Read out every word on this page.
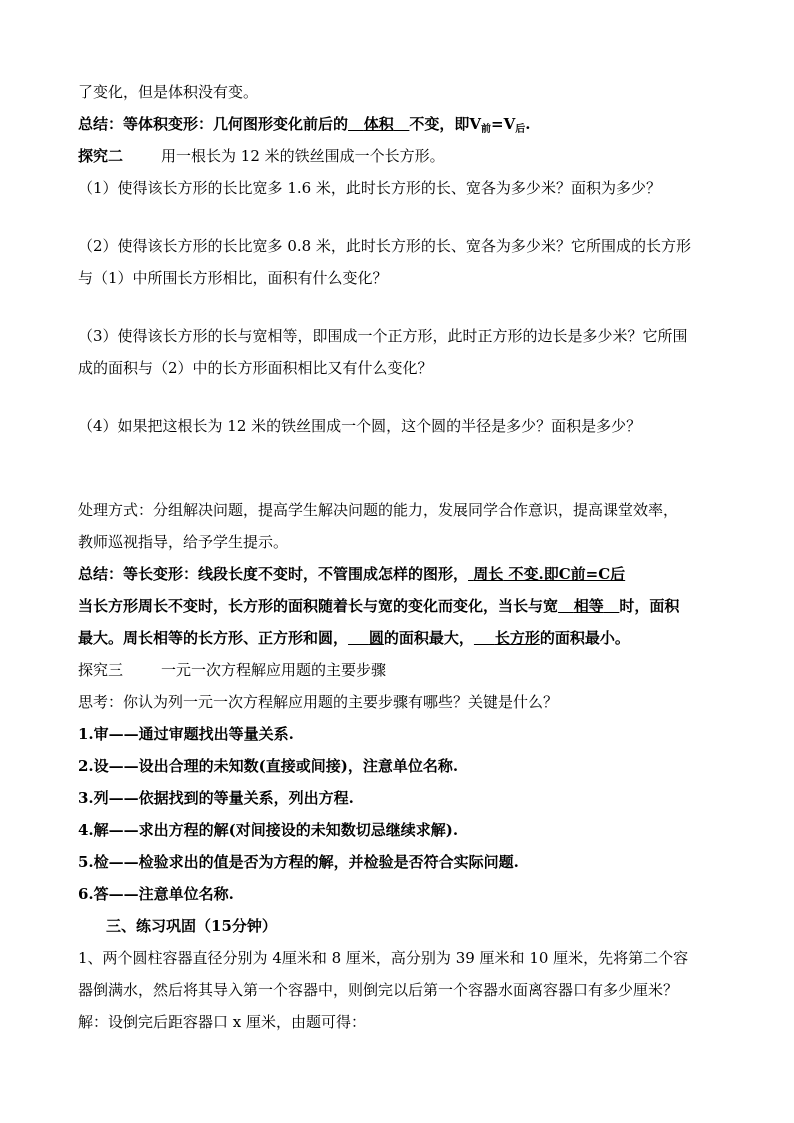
了变化，但是体积没有变。
总结：等体积变形：几何图形变化前后的 体积 不变，即$V_前=V_后$.
探究二	用一根长为 12 米的铁丝围成一个长方形。
（1）使得该长方形的长比宽多 1.6 米，此时长方形的长、宽各为多少米？面积为多少？
（2）使得该长方形的长比宽多 0.8 米，此时长方形的长、宽各为多少米？它所围成的长方形
与（1）中所围长方形相比，面积有什么变化？
（3）使得该长方形的长与宽相等，即围成一个正方形，此时正方形的边长是多少米？它所围
成的面积与（2）中的长方形面积相比又有什么变化？
（4）如果把这根长为 12 米的铁丝围成一个圆，这个圆的半径是多少？面积是多少？
处理方式：分组解决问题，提高学生解决问题的能力，发展同学合作意识，提高课堂效率，
教师巡视指导，给予学生提示。
总结：等长变形：线段长度不变时，不管围成怎样的图形， 周长 不变.即C前=C后
当长方形周长不变时，长方形的面积随着长与宽的变化而变化，当长与宽 相等 时，面积
最大。周长相等的长方形、正方形和圆， 圆的面积最大， 长方形的面积最小。
探究三	一元一次方程解应用题的主要步骤
思考：你认为列一元一次方程解应用题的主要步骤有哪些？关键是什么？
1.审——通过审题找出等量关系.
2.设——设出合理的未知数(直接或间接)，注意单位名称.
3.列——依据找到的等量关系，列出方程.
4.解——求出方程的解(对间接设的未知数切忌继续求解).
5.检——检验求出的值是否为方程的解，并检验是否符合实际问题.
6.答——注意单位名称.
三、练习巩固（15分钟）
1、两个圆柱容器直径分别为 4厘米和 8 厘米，高分别为 39 厘米和 10 厘米，先将第二个容
器倒满水，然后将其导入第一个容器中，则倒完以后第一个容器水面离容器口有多少厘米？
解：设倒完后距容器口 x 厘米，由题可得：
